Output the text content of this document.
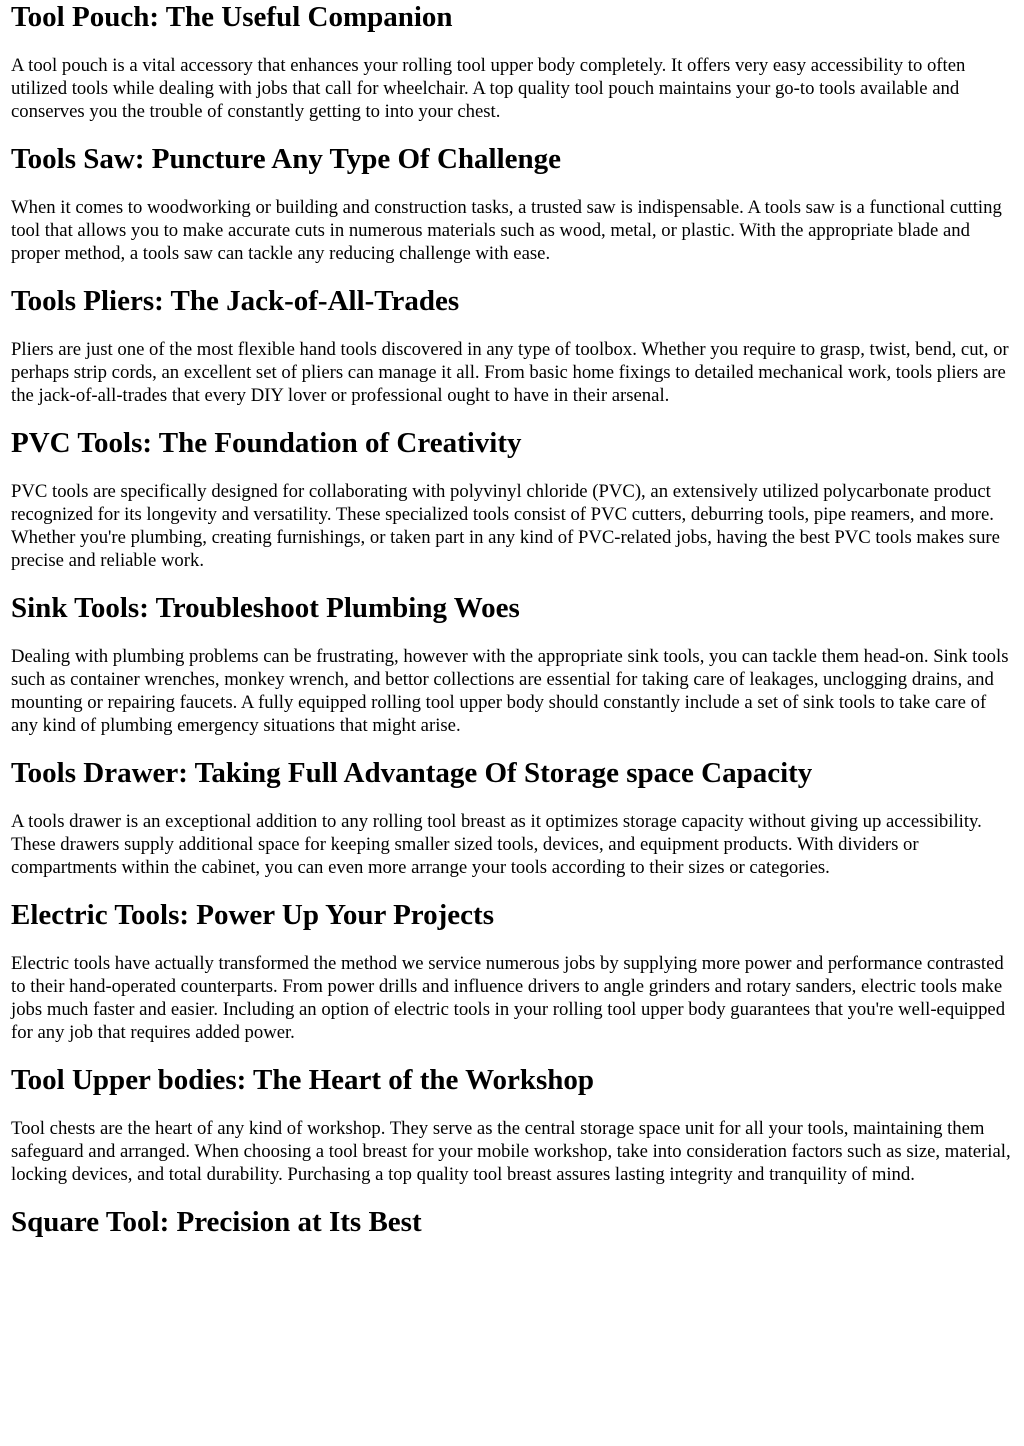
Tool Pouch: The Useful Companion

A tool pouch is a vital accessory that enhances your rolling tool upper body completely. It offers very easy accessibility to often utilized tools while dealing with jobs that call for wheelchair. A top quality tool pouch maintains your go-to tools available and conserves you the trouble of constantly getting to into your chest.

Tools Saw: Puncture Any Type Of Challenge

When it comes to woodworking or building and construction tasks, a trusted saw is indispensable. A tools saw is a functional cutting tool that allows you to make accurate cuts in numerous materials such as wood, metal, or plastic. With the appropriate blade and proper method, a tools saw can tackle any reducing challenge with ease.

Tools Pliers: The Jack-of-All-Trades

Pliers are just one of the most flexible hand tools discovered in any type of toolbox. Whether you require to grasp, twist, bend, cut, or perhaps strip cords, an excellent set of pliers can manage it all. From basic home fixings to detailed mechanical work, tools pliers are the jack-of-all-trades that every DIY lover or professional ought to have in their arsenal.

PVC Tools: The Foundation of Creativity

PVC tools are specifically designed for collaborating with polyvinyl chloride (PVC), an extensively utilized polycarbonate product recognized for its longevity and versatility. These specialized tools consist of PVC cutters, deburring tools, pipe reamers, and more. Whether you're plumbing, creating furnishings, or taken part in any kind of PVC-related jobs, having the best PVC tools makes sure precise and reliable work.

Sink Tools: Troubleshoot Plumbing Woes

Dealing with plumbing problems can be frustrating, however with the appropriate sink tools, you can tackle them head-on. Sink tools such as container wrenches, monkey wrench, and bettor collections are essential for taking care of leakages, unclogging drains, and mounting or repairing faucets. A fully equipped rolling tool upper body should constantly include a set of sink tools to take care of any kind of plumbing emergency situations that might arise.

Tools Drawer: Taking Full Advantage Of Storage space Capacity

A tools drawer is an exceptional addition to any rolling tool breast as it optimizes storage capacity without giving up accessibility. These drawers supply additional space for keeping smaller sized tools, devices, and equipment products. With dividers or compartments within the cabinet, you can even more arrange your tools according to their sizes or categories.

Electric Tools: Power Up Your Projects

Electric tools have actually transformed the method we service numerous jobs by supplying more power and performance contrasted to their hand-operated counterparts. From power drills and influence drivers to angle grinders and rotary sanders, electric tools make jobs much faster and easier. Including an option of electric tools in your rolling tool upper body guarantees that you're well-equipped for any job that requires added power.

Tool Upper bodies: The Heart of the Workshop

Tool chests are the heart of any kind of workshop. They serve as the central storage space unit for all your tools, maintaining them safeguard and arranged. When choosing a tool breast for your mobile workshop, take into consideration factors such as size, material, locking devices, and total durability. Purchasing a top quality tool breast assures lasting integrity and tranquility of mind.

Square Tool: Precision at Its Best
